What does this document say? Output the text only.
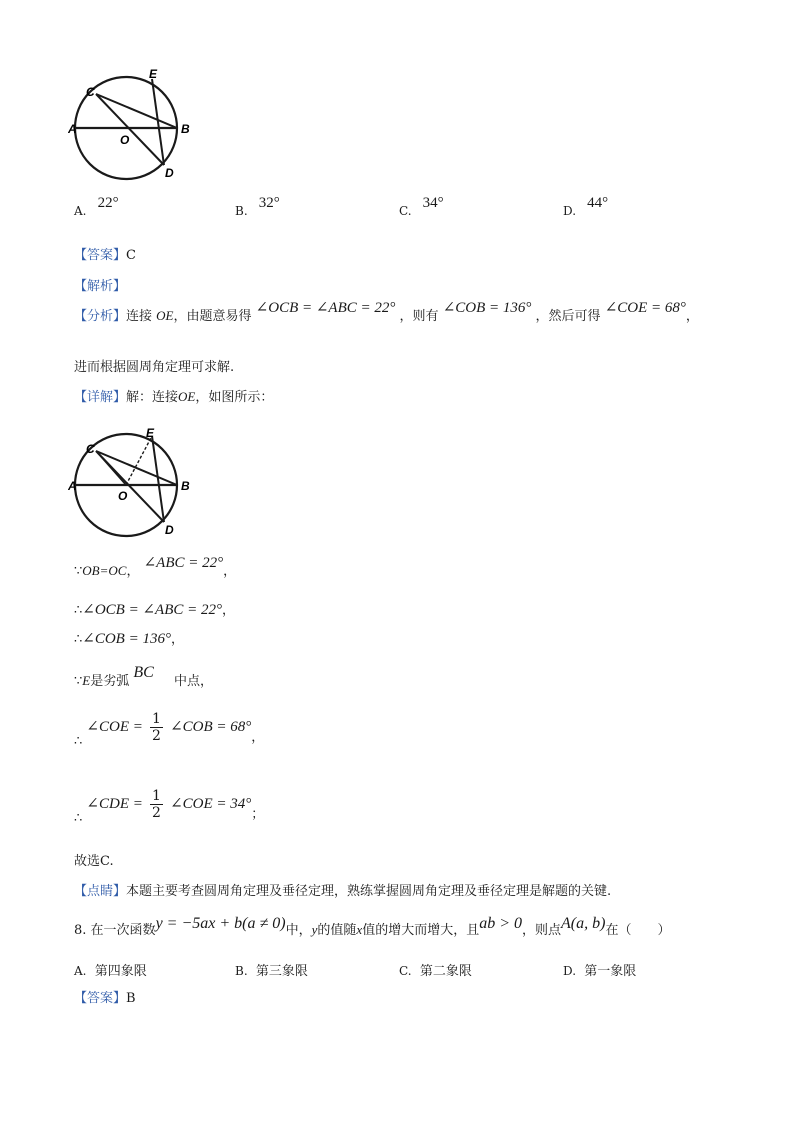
A	B
C
D
E
O
A. 22°	B. 32°	C. 34°	D. 44°
【答案】C
【解析】
【分析】连接 OE，由题意易得 ∠OCB = ∠ABC = 22° ，则有 ∠COB = 136° ，然后可得 ∠COE = 68°，
进而根据圆周角定理可求解.
【详解】解：连接OE，如图所示：
A	B
C
D
E
O
∵OB=OC， ∠ABC = 22°，
∴∠OCB = ∠ABC = 22°，
∴∠COB = 136°，
∵E是劣弧 BC 中点，
∴ ∠COE = $\frac{1}{2}$ ∠COB = 68°，
∴ ∠CDE = $\frac{1}{2}$ ∠COE = 34°；
故选C.
【点睛】本题主要考查圆周角定理及垂径定理，熟练掌握圆周角定理及垂径定理是解题的关键.
8. 在一次函数y = −5ax + b(a ≠ 0)中，y的值随x值的增大而增大，且ab > 0，则点A(a, b)在（　　）
A. 第四象限	B. 第三象限	C. 第二象限	D. 第一象限
【答案】B
